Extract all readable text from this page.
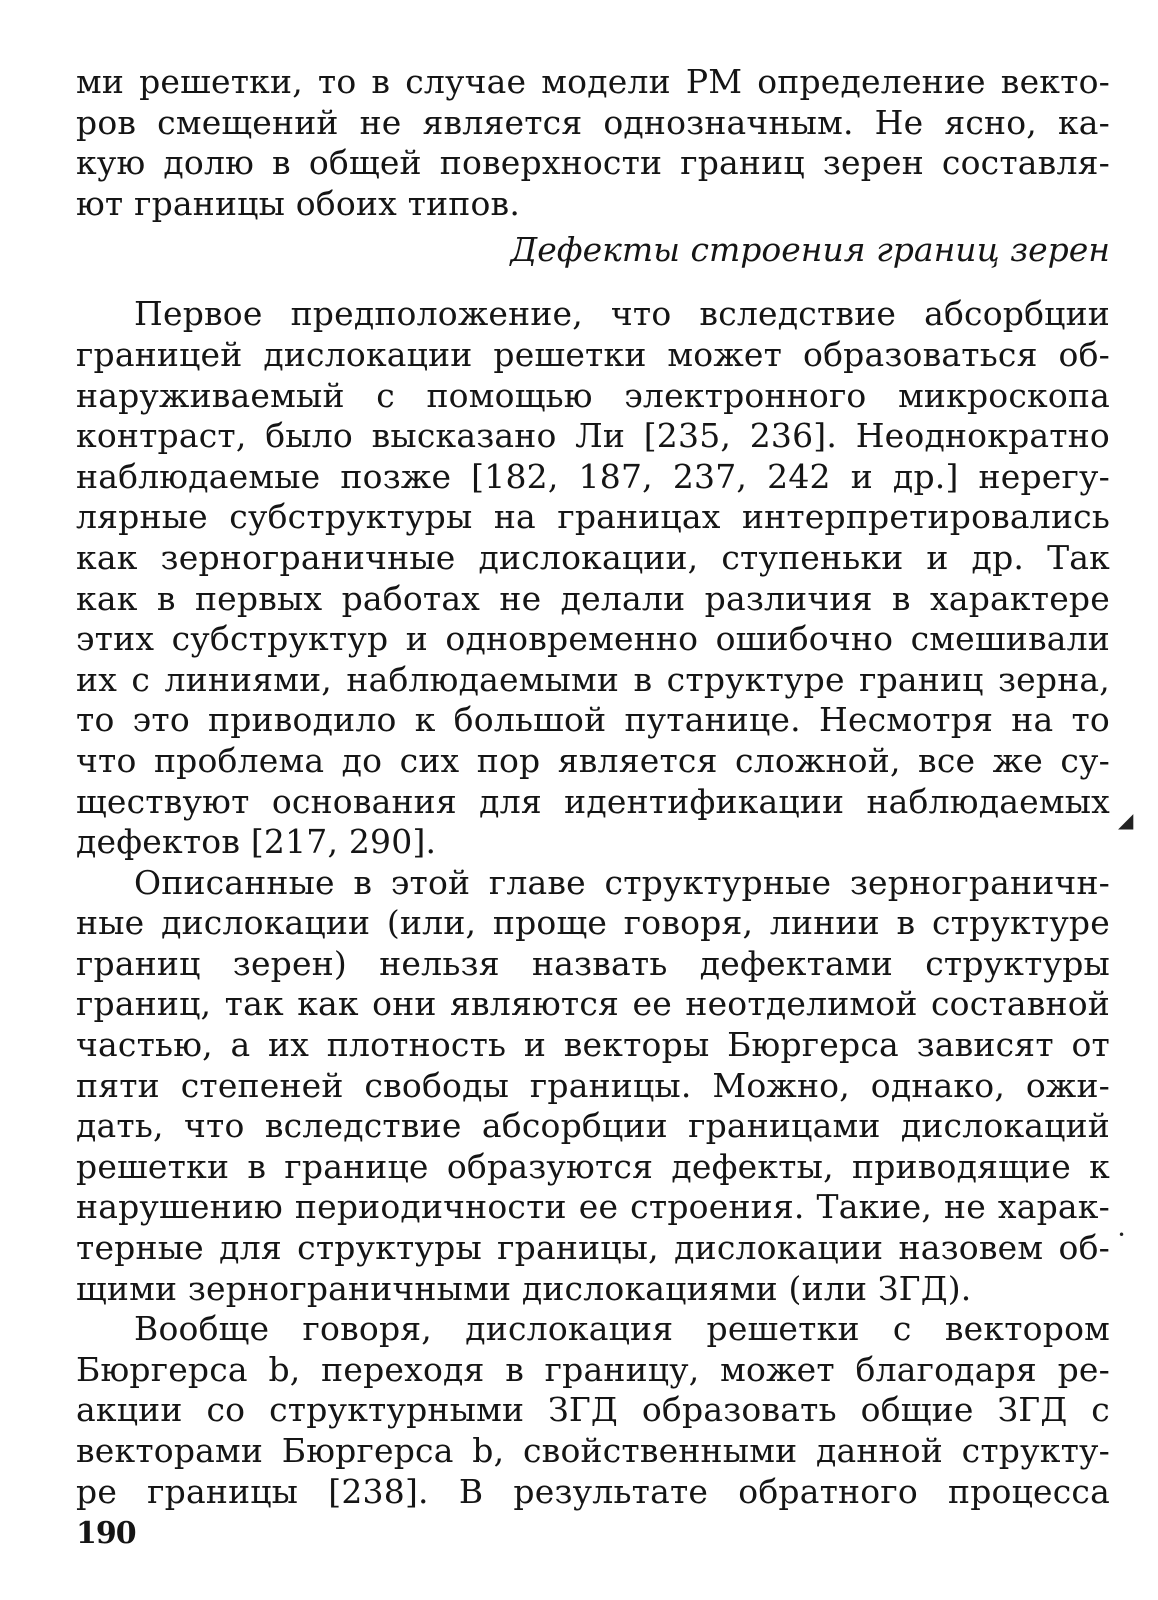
ми решетки, то в случае модели PM определение векто-
ров смещений не является однозначным. Не ясно, ка-
кую долю в общей поверхности границ зерен составля-
ют границы обоих типов.
Дефекты строения границ зерен
Первое предположение, что вследствие абсорбции
границей дислокации решетки может образоваться об-
наруживаемый с помощью электронного микроскопа
контраст, было высказано Ли [235, 236]. Неоднократно
наблюдаемые позже [182, 187, 237, 242 и др.] нерегу-
лярные субструктуры на границах интерпретировались
как зернограничные дислокации, ступеньки и др. Так
как в первых работах не делали различия в характере
этих субструктур и одновременно ошибочно смешивали
их с линиями, наблюдаемыми в структуре границ зерна,
то это приводило к большой путанице. Несмотря на то
что проблема до сих пор является сложной, все же су-
ществуют основания для идентификации наблюдаемых
дефектов [217, 290].
Описанные в этой главе структурные зернограничн-
ные дислокации (или, проще говоря, линии в структуре
границ зерен) нельзя назвать дефектами структуры
границ, так как они являются ее неотделимой составной
частью, а их плотность и векторы Бюргерса зависят от
пяти степеней свободы границы. Можно, однако, ожи-
дать, что вследствие абсорбции границами дислокаций
решетки в границе образуются дефекты, приводящие к
нарушению периодичности ее строения. Такие, не харак-
терные для структуры границы, дислокации назовем об-
щими зернограничными дислокациями (или ЗГД).
Вообще говоря, дислокация решетки с вектором
Бюргерса b, переходя в границу, может благодаря ре-
акции со структурными ЗГД образовать общие ЗГД с
векторами Бюргерса b, свойственными данной структу-
ре границы [238]. В результате обратного процесса
190
◢
•
